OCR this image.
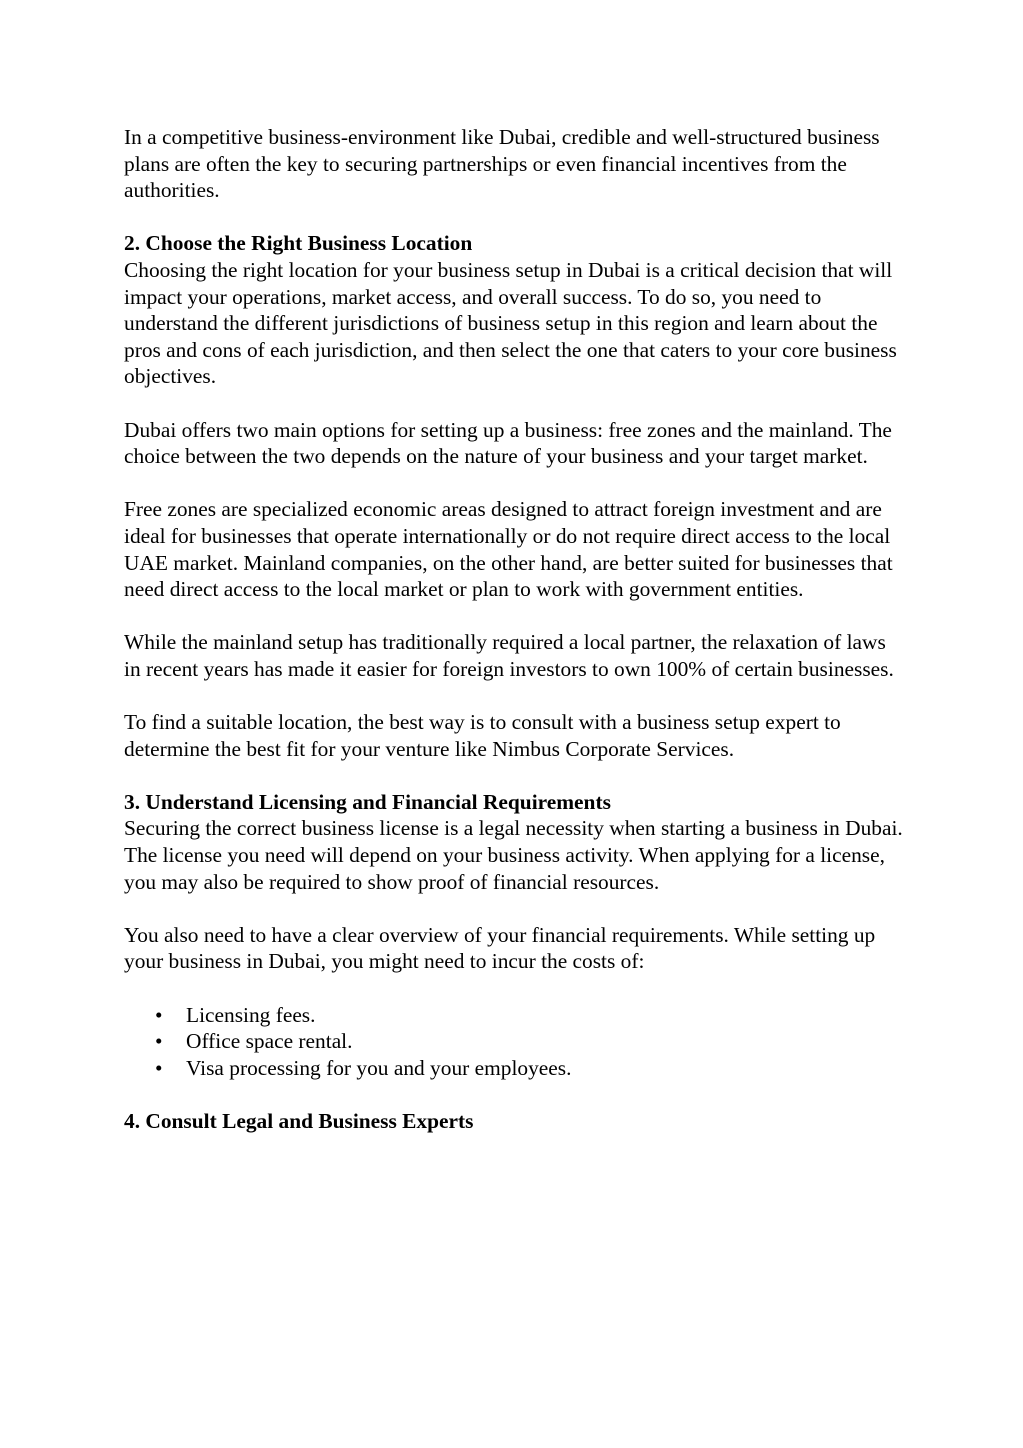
In a competitive business-environment like Dubai, credible and well-structured business plans are often the key to securing partnerships or even financial incentives from the authorities.

2. Choose the Right Business Location

Choosing the right location for your business setup in Dubai is a critical decision that will impact your operations, market access, and overall success. To do so, you need to understand the different jurisdictions of business setup in this region and learn about the pros and cons of each jurisdiction, and then select the one that caters to your core business objectives.

Dubai offers two main options for setting up a business: free zones and the mainland. The choice between the two depends on the nature of your business and your target market.

Free zones are specialized economic areas designed to attract foreign investment and are ideal for businesses that operate internationally or do not require direct access to the local UAE market. Mainland companies, on the other hand, are better suited for businesses that need direct access to the local market or plan to work with government entities.

While the mainland setup has traditionally required a local partner, the relaxation of laws in recent years has made it easier for foreign investors to own 100% of certain businesses.

To find a suitable location, the best way is to consult with a business setup expert to determine the best fit for your venture like Nimbus Corporate Services.

3. Understand Licensing and Financial Requirements

Securing the correct business license is a legal necessity when starting a business in Dubai. The license you need will depend on your business activity. When applying for a license, you may also be required to show proof of financial resources.

You also need to have a clear overview of your financial requirements. While setting up your business in Dubai, you might need to incur the costs of:

• Licensing fees.
• Office space rental.
• Visa processing for you and your employees.
4. Consult Legal and Business Experts
